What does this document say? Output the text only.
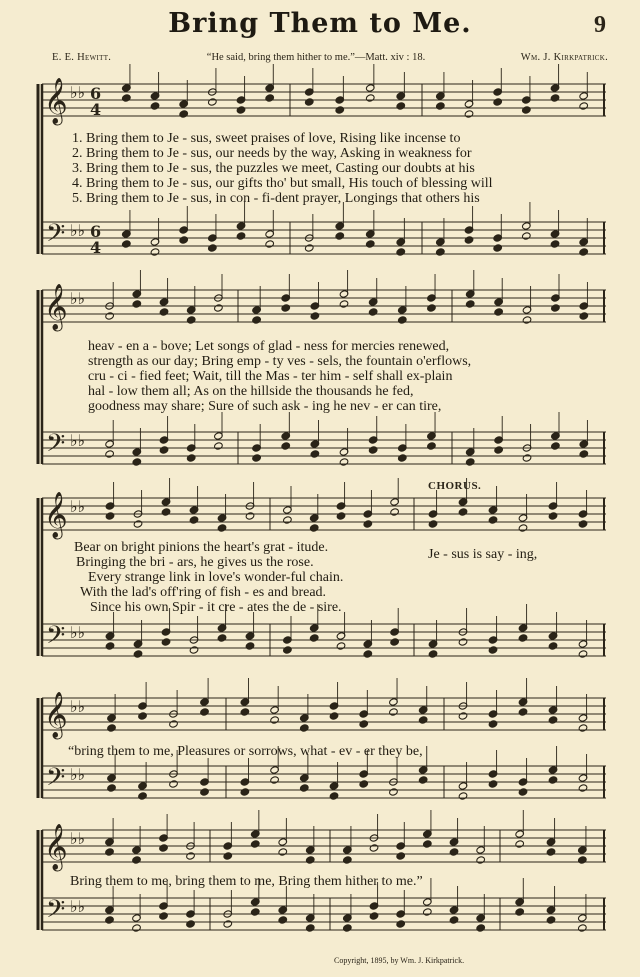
Bring Them to Me.	9
E. E. Hewitt.	“He said, bring them hither to me.”—Matt. xiv : 18.	Wm. J. Kirkpatrick.
𝄞
𝄢
♭♭
♭♭
6
4
6
4
𝄞
𝄢
♭♭
♭♭
𝄞
𝄢
♭♭
♭♭
𝄞
𝄢
♭♭
♭♭
𝄞
𝄢
♭♭
♭♭
1. Bring them to Je - sus, sweet praises of love, Rising like incense to
2. Bring them to Je - sus, our needs by the way, Asking in weakness for
3. Bring them to Je - sus, the puzzles we meet, Casting our doubts at his
4. Bring them to Je - sus, our gifts tho' but small, His touch of blessing will
5. Bring them to Je - sus, in con - fi-dent prayer, Longings that others his
heav - en a - bove; Let songs of glad - ness for mercies renewed,
strength as our day; Bring emp - ty ves - sels, the fountain o'erflows,
cru - ci - fied feet; Wait, till the Mas - ter him - self shall ex-plain
hal - low them all; As on the hillside the thousands he fed,
goodness may share; Sure of such ask - ing he nev - er can tire,
CHORUS.
Bear on bright pinions the heart's grat - itude.
Bringing the bri - ars, he gives us the rose.
Every strange link in love's wonder-ful chain.
With the lad's off'ring of fish - es and bread.
Since his own Spir - it cre - ates the de - sire.
Je - sus is say - ing,
“bring them to me, Pleasures or sorrows, what - ev - er they be,
Bring them to me, bring them to me, Bring them hither to me.”
Copyright, 1895, by Wm. J. Kirkpatrick.
